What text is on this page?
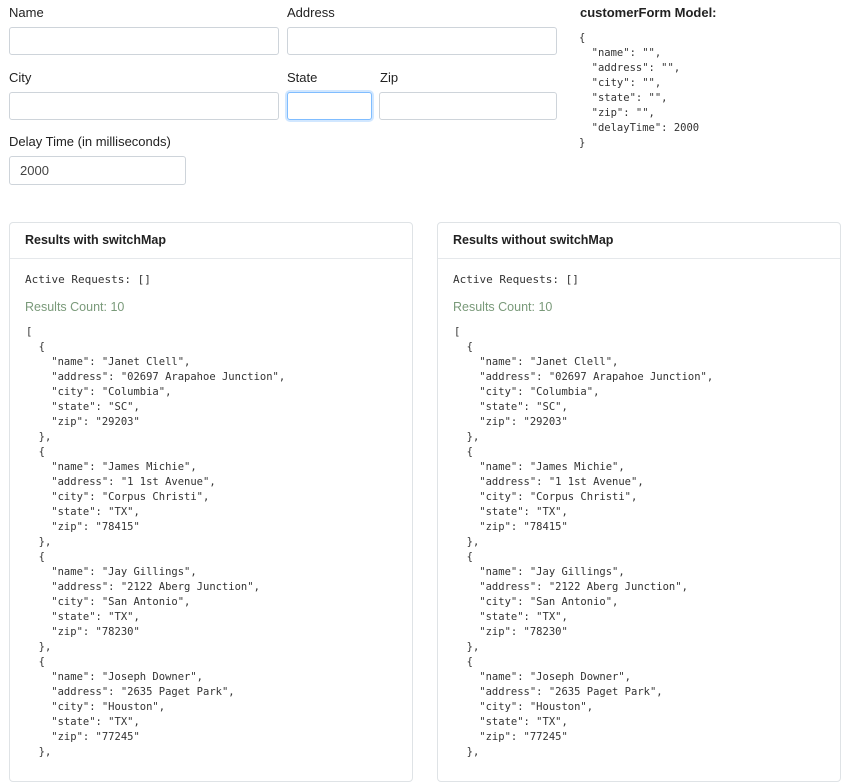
Name	Address
City	State	Zip
Delay Time (in milliseconds)
2000
customerForm Model:
{
"name": "",
"address": "",
"city": "",
"state": "",
"zip": "",
"delayTime": 2000
}
Results with switchMap
Active Requests: []
Results Count: 10
[
{
"name": "Janet Clell",
"address": "02697 Arapahoe Junction",
"city": "Columbia",
"state": "SC",
"zip": "29203"
},
{
"name": "James Michie",
"address": "1 1st Avenue",
"city": "Corpus Christi",
"state": "TX",
"zip": "78415"
},
{
"name": "Jay Gillings",
"address": "2122 Aberg Junction",
"city": "San Antonio",
"state": "TX",
"zip": "78230"
},
{
"name": "Joseph Downer",
"address": "2635 Paget Park",
"city": "Houston",
"state": "TX",
"zip": "77245"
},
Results without switchMap
Active Requests: []
Results Count: 10
[
{
"name": "Janet Clell",
"address": "02697 Arapahoe Junction",
"city": "Columbia",
"state": "SC",
"zip": "29203"
},
{
"name": "James Michie",
"address": "1 1st Avenue",
"city": "Corpus Christi",
"state": "TX",
"zip": "78415"
},
{
"name": "Jay Gillings",
"address": "2122 Aberg Junction",
"city": "San Antonio",
"state": "TX",
"zip": "78230"
},
{
"name": "Joseph Downer",
"address": "2635 Paget Park",
"city": "Houston",
"state": "TX",
"zip": "77245"
},
